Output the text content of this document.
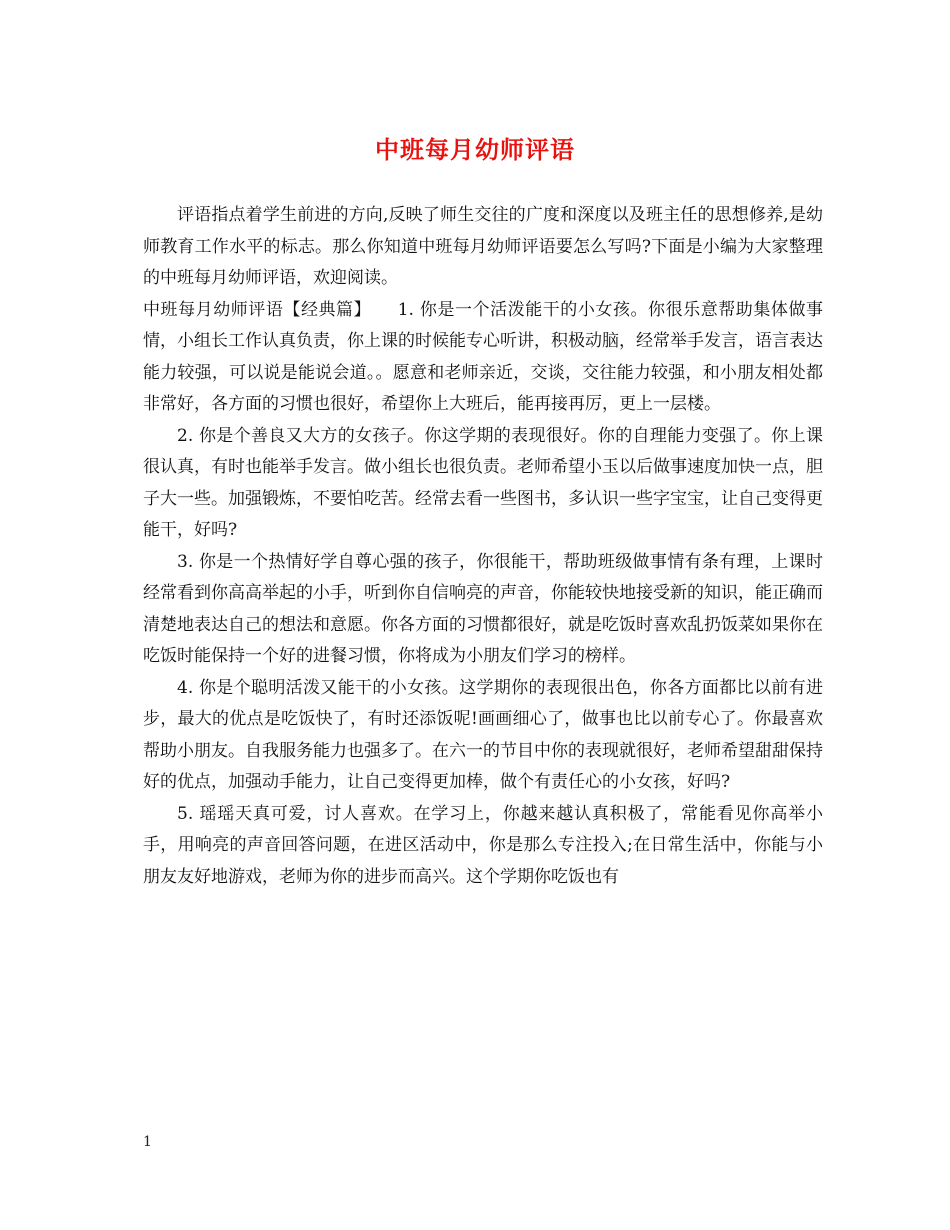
中班每月幼师评语

评语指点着学生前进的方向,反映了师生交往的广度和深度以及班主任的思想修养,是幼师教育工作水平的标志。那么你知道中班每月幼师评语要怎么写吗?下面是小编为大家整理的中班每月幼师评语，欢迎阅读。

中班每月幼师评语【经典篇】　　1. 你是一个活泼能干的小女孩。你很乐意帮助集体做事情，小组长工作认真负责，你上课的时候能专心听讲，积极动脑，经常举手发言，语言表达能力较强，可以说是能说会道。。愿意和老师亲近，交谈，交往能力较强，和小朋友相处都非常好，各方面的习惯也很好，希望你上大班后，能再接再厉，更上一层楼。

2. 你是个善良又大方的女孩子。你这学期的表现很好。你的自理能力变强了。你上课很认真，有时也能举手发言。做小组长也很负责。老师希望小玉以后做事速度加快一点，胆子大一些。加强锻炼，不要怕吃苦。经常去看一些图书，多认识一些字宝宝，让自己变得更能干，好吗?

3. 你是一个热情好学自尊心强的孩子，你很能干，帮助班级做事情有条有理，上课时经常看到你高高举起的小手，听到你自信响亮的声音，你能较快地接受新的知识，能正确而清楚地表达自己的想法和意愿。你各方面的习惯都很好，就是吃饭时喜欢乱扔饭菜如果你在吃饭时能保持一个好的进餐习惯，你将成为小朋友们学习的榜样。

4. 你是个聪明活泼又能干的小女孩。这学期你的表现很出色，你各方面都比以前有进步，最大的优点是吃饭快了，有时还添饭呢!画画细心了，做事也比以前专心了。你最喜欢帮助小朋友。自我服务能力也强多了。在六一的节目中你的表现就很好，老师希望甜甜保持好的优点，加强动手能力，让自己变得更加棒，做个有责任心的小女孩，好吗?

5. 瑶瑶天真可爱，讨人喜欢。在学习上，你越来越认真积极了，常能看见你高举小手，用响亮的声音回答问题，在进区活动中，你是那么专注投入;在日常生活中，你能与小朋友友好地游戏，老师为你的进步而高兴。这个学期你吃饭也有

1
